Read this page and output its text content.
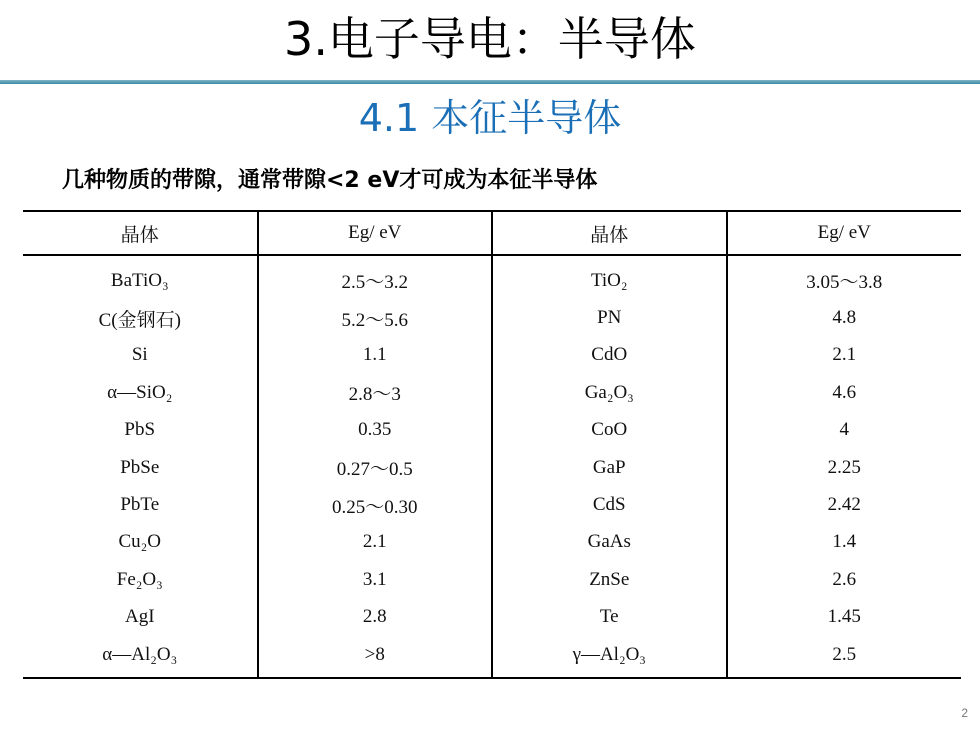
3.电子导电：半导体
4.1 本征半导体
几种物质的带隙，通常带隙<2 eV才可成为本征半导体
晶体	Eg/ eV	晶体	Eg/ eV
BaTiO₃	2.5～3.2	TiO₂	3.05～3.8
C(金钢石)	5.2～5.6	PN	4.8
Si	1.1	CdO	2.1
α—SiO₂	2.8～3	Ga₂O₃	4.6
PbS	0.35	CoO	4
PbSe	0.27～0.5	GaP	2.25
PbTe	0.25～0.30	CdS	2.42
Cu₂O	2.1	GaAs	1.4
Fe₂O₃	3.1	ZnSe	2.6
AgI	2.8	Te	1.45
α—Al₂O₃	>8	γ—Al₂O₃	2.5
2
